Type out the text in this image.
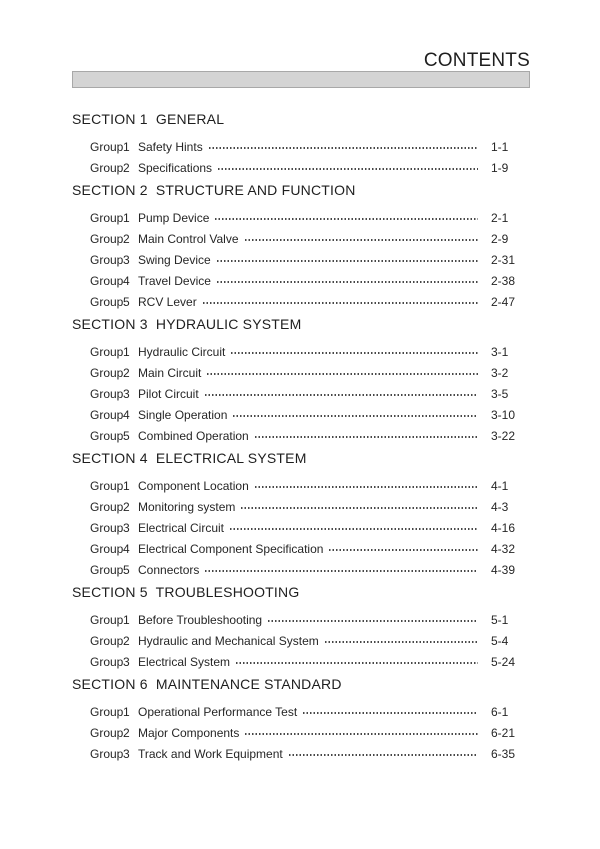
CONTENTS
SECTION 1  GENERAL
Group 1 Safety Hints	1-1
Group 2 Specifications	1-9
SECTION 2  STRUCTURE AND FUNCTION
Group 1 Pump Device	2-1
Group 2 Main Control Valve	2-9
Group 3 Swing Device	2-31
Group 4 Travel Device	2-38
Group 5 RCV Lever	2-47
SECTION 3  HYDRAULIC SYSTEM
Group 1 Hydraulic Circuit	3-1
Group 2 Main Circuit	3-2
Group 3 Pilot Circuit	3-5
Group 4 Single Operation	3-10
Group 5 Combined Operation	3-22
SECTION 4  ELECTRICAL SYSTEM
Group 1 Component Location	4-1
Group 2 Monitoring system	4-3
Group 3 Electrical Circuit	4-16
Group 4 Electrical Component Specification	4-32
Group 5 Connectors	4-39
SECTION 5  TROUBLESHOOTING
Group 1 Before Troubleshooting	5-1
Group 2 Hydraulic and Mechanical System	5-4
Group 3 Electrical System	5-24
SECTION 6  MAINTENANCE STANDARD
Group 1 Operational Performance Test	6-1
Group 2 Major Components	6-21
Group 3 Track and Work Equipment	6-35
